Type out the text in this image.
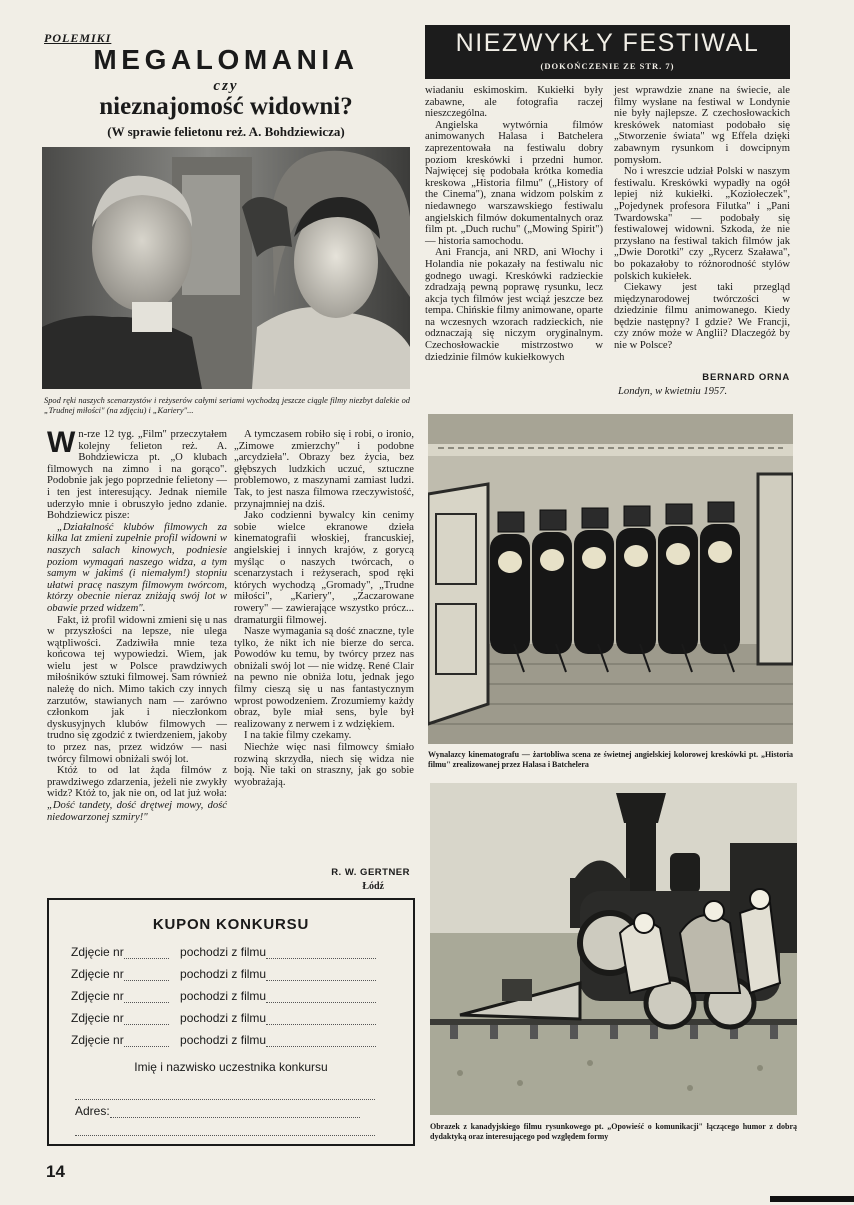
POLEMIKI
MEGALOMANIA
czy
nieznajomość widowni?
(W sprawie felietonu reż. A. Bohdziewicza)
Spod ręki naszych scenarzystów i reżyserów całymi seriami wychodzą jeszcze ciągle filmy niezbyt dalekie od „Trudnej miłości" (na zdjęciu) i „Kariery"...
NIEZWYKŁY FESTIWAL
(DOKOŃCZENIE ZE STR. 7)

wiadaniu eskimoskim. Kukiełki były zabawne, ale fotografia raczej nieszczególna.

Angielska wytwórnia filmów animowanych Halasa i Batchelera zaprezentowała na festiwalu dobry poziom kreskówki i przedni humor. Najwięcej się podobała krótka komedia kreskowa „Historia filmu" („History of the Cinema"), znana widzom polskim z niedawnego warszawskiego festiwalu angielskich filmów dokumentalnych oraz film pt. „Duch ruchu" („Mowing Spirit") — historia samochodu.

Ani Francja, ani NRD, ani Włochy i Holandia nie pokazały na festiwalu nic godnego uwagi. Kreskówki radzieckie zdradzają pewną poprawę rysunku, lecz akcja tych filmów jest wciąż jeszcze bez tempa. Chińskie filmy animowane, oparte na wczesnych wzorach radzieckich, nie odznaczają się niczym oryginalnym. Czechosłowackie mistrzostwo w dziedzinie filmów kukiełkowych

jest wprawdzie znane na świecie, ale filmy wysłane na festiwal w Londynie nie były najlepsze. Z czechosłowackich kreskówek natomiast podobało się „Stworzenie świata" wg Effela dzięki zabawnym rysunkom i dowcipnym pomysłom.

No i wreszcie udział Polski w naszym festiwalu. Kreskówki wypadły na ogół lepiej niż kukiełki. „Koziołeczek", „Pojedynek profesora Filutka" i „Pani Twardowska" — podobały się festiwalowej widowni. Szkoda, że nie przysłano na festiwal takich filmów jak „Dwie Dorotki" czy „Rycerz Szaława", bo pokazałoby to różnorodność stylów polskich kukiełek.

Ciekawy jest taki przegląd międzynarodowej twórczości w dziedzinie filmu animowanego. Kiedy będzie następny? I gdzie? We Francji, czy znów może w Anglii? Dlaczegóż by nie w Polsce?

BERNARD ORNA
Londyn, w kwietniu 1957.
Wynalazcy kinematografu — żartobliwa scena ze świetnej angielskiej kolorowej kreskówki pt. „Historia filmu" zrealizowanej przez Halasa i Batchelera
Obrazek z kanadyjskiego filmu rysunkowego pt. „Opowieść o komunikacji" łączącego humor z dobrą dydaktyką oraz interesującego pod względem formy

Wn-rze 12 tyg. „Film" przeczytałem kolejny felieton reż. A. Bohdziewicza pt. „O klubach filmowych na zimno i na gorąco". Podobnie jak jego poprzednie felietony — i ten jest interesujący. Jednak niemile uderzyło mnie i obruszyło jedno zdanie. Bohdziewicz pisze:

„Działalność klubów filmowych za kilka lat zmieni zupełnie profil widowni w naszych salach kinowych, podniesie poziom wymagań naszego widza, a tym samym w jakimś (i niemałym!) stopniu ułatwi pracę naszym filmowym twórcom, którzy obecnie nieraz zniżają swój lot w obawie przed widzem".

Fakt, iż profil widowni zmieni się u nas w przyszłości na lepsze, nie ulega wątpliwości. Zadziwiła mnie teza końcowa tej wypowiedzi. Wiem, jak wielu jest w Polsce prawdziwych miłośników sztuki filmowej. Sam również należę do nich. Mimo takich czy innych zarzutów, stawianych nam — zarówno członkom jak i nieczłonkom dyskusyjnych klubów filmowych — trudno się zgodzić z twierdzeniem, jakoby to przez nas, przez widzów — nasi twórcy filmowi obniżali swój lot.

Któż to od lat żąda filmów z prawdziwego zdarzenia, jeżeli nie zwykły widz? Któż to, jak nie on, od lat już woła: „Dość tandety, dość drętwej mowy, dość niedowarzonej szmiry!"

A tymczasem robiło się i robi, o ironio, „Zimowe zmierzchy" i podobne „arcydzieła". Obrazy bez życia, bez głębszych ludzkich uczuć, sztuczne problemowo, z maszynami zamiast ludzi. Tak, to jest nasza filmowa rzeczywistość, przynajmniej na dziś.

Jako codzienni bywalcy kin cenimy sobie wielce ekranowe dzieła kinematografii włoskiej, francuskiej, angielskiej i innych krajów, z gorycą myśląc o naszych twórcach, o scenarzystach i reżyserach, spod ręki których wychodzą „Gromady", „Trudne miłości", „Kariery", „Zaczarowane rowery" — zawierające wszystko prócz... dramaturgii filmowej.

Nasze wymagania są dość znaczne, tyle tylko, że nikt ich nie bierze do serca. Powodów ku temu, by twórcy przez nas obniżali swój lot — nie widzę. René Clair na pewno nie obniża lotu, jednak jego filmy cieszą się u nas fantastycznym wprost powodzeniem. Zrozumiemy każdy obraz, byle miał sens, byle był realizowany z nerwem i z wdziękiem.

I na takie filmy czekamy.

Niechże więc nasi filmowcy śmiało rozwiną skrzydła, niech się widza nie boją. Nie taki on straszny, jak go sobie wyobrażają.

R. W. GERTNER
Łódź
KUPON KONKURSU
Zdjęcie nr	pochodzi z filmu
Zdjęcie nr	pochodzi z filmu
Zdjęcie nr	pochodzi z filmu
Zdjęcie nr	pochodzi z filmu
Zdjęcie nr	pochodzi z filmu
Imię i nazwisko uczestnika konkursu
Adres:
14
